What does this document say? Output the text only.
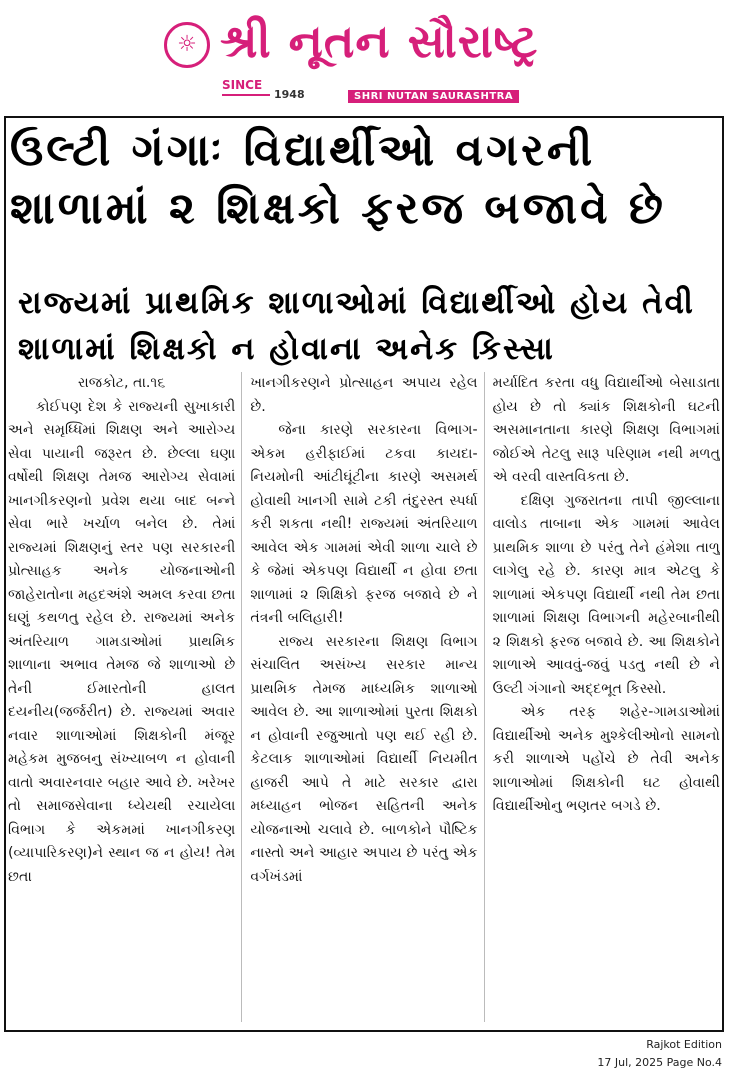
☼ શ્રી નૂતન સૌરાષ્ટ્ર
SINCE
1948	SHRI NUTAN SAURASHTRA
ઉલ્ટી ગંગાઃ વિદ્યાર્થીઓ વગરની શાળામાં ૨ શિક્ષકો ફરજ બજાવે છે
રાજ્યમાં પ્રાથમિક શાળાઓમાં વિદ્યાર્થીઓ હોય તેવી શાળામાં શિક્ષકો ન હોવાના અનેક કિસ્સા

રાજકોટ, તા.૧૬

કોઈપણ દેશ કે રાજ્યની સુખાકારી અને સમૃધ્ધિમાં શિક્ષણ અને આરોગ્ય સેવા પાયાની જરૂરત છે. છેલ્લા ઘણા વર્ષોથી શિક્ષણ તેમજ આરોગ્ય સેવામાં ખાનગીકરણનો પ્રવેશ થયા બાદ બન્ને સેવા ભારે ખર્ચાળ બનેલ છે. તેમાં રાજ્યમાં શિક્ષણનું સ્તર પણ સરકારની પ્રોત્સાહક અનેક યોજનાઓની જાહેરાતોના મહદઅંશે અમલ કરવા છતા ઘણું કથળતુ રહેલ છે. રાજ્યમાં અનેક અંતરિયાળ ગામડાઓમાં પ્રાથમિક શાળાના અભાવ તેમજ જે શાળાઓ છે તેની ઈમારતોની હાલત દયનીય(જર્જરીત) છે. રાજ્યમાં અવાર નવાર શાળાઓમાં શિક્ષકોની મંજૂર મહેકમ મુજબનુ સંખ્યાબળ ન હોવાની વાતો અવારનવાર બહાર આવે છે. ખરેખર તો સમાજસેવાના ધ્યેયથી રચાયેલા વિભાગ કે એકમમાં ખાનગીકરણ (વ્યાપારિકરણ)ને સ્થાન જ ન હોય! તેમ છતા

ખાનગીકરણને પ્રોત્સાહન અપાય રહેલ છે.

જેના કારણે સરકારના વિભાગ-એકમ હરીફાઈમાં ટકવા કાયદા-નિયમોની આંટીઘૂંટીના કારણે અસમર્થ હોવાથી ખાનગી સામે ટકી તંદુરસ્ત સ્પર્ધા કરી શકતા નથી! રાજ્યમાં અંતરિયાળ આવેલ એક ગામમાં એવી શાળા ચાલે છે કે જેમાં એકપણ વિદ્યાર્થી ન હોવા છતા શાળામાં ૨ શિક્ષિકો ફરજ બજાવે છે ને તંત્રની બલિહારી!

રાજ્ય સરકારના શિક્ષણ વિભાગ સંચાલિત અસંખ્ય સરકાર માન્ય પ્રાથમિક તેમજ માધ્યમિક શાળાઓ આવેલ છે. આ શાળાઓમાં પુરતા શિક્ષકો ન હોવાની રજુઆતો પણ થઈ રહી છે. કેટલાક શાળાઓમાં વિદ્યાર્થી નિયમીત હાજરી આપે તે માટે સરકાર દ્વારા મધ્યાહન ભોજન સહિતની અનેક યોજનાઓ ચલાવે છે. બાળકોને પૌષ્ટિક નાસ્તો અને આહાર અપાય છે પરંતુ એક વર્ગખંડમાં

મર્યાદિત કરતા વધુ વિદ્યાર્થીઓ બેસાડાતા હોય છે તો ક્યાંક શિક્ષકોની ઘટની અસમાનતાના કારણે શિક્ષણ વિભાગમાં જોઈએ તેટલુ સારૂ પરિણામ નથી મળતુ એ વરવી વાસ્તવિકતા છે.

દક્ષિણ ગુજરાતના તાપી જીલ્લાના વાલોડ તાબાના એક ગામમાં આવેલ પ્રાથમિક શાળા છે પરંતુ તેને હંમેશા તાળુ લાગેલુ રહે છે. કારણ માત્ર એટલુ કે શાળામાં એકપણ વિદ્યાર્થી નથી તેમ છતા શાળામાં શિક્ષણ વિભાગની મહેરબાનીથી ૨ શિક્ષકો ફરજ બજાવે છે. આ શિક્ષકોને શાળાએ આવવું-જવું પડતુ નથી છે ને ઉલ્ટી ગંગાનો અદ્દભૂત કિસ્સો.

એક તરફ શહેર-ગામડાઓમાં વિદ્યાર્થીઓ અનેક મુશ્કેલીઓનો સામનો કરી શાળાએ પહોંચે છે તેવી અનેક શાળાઓમાં શિક્ષકોની ઘટ હોવાથી વિદ્યાર્થીઓનુ ભણતર બગડે છે.

Rajkot Edition
17 Jul, 2025 Page No.4
